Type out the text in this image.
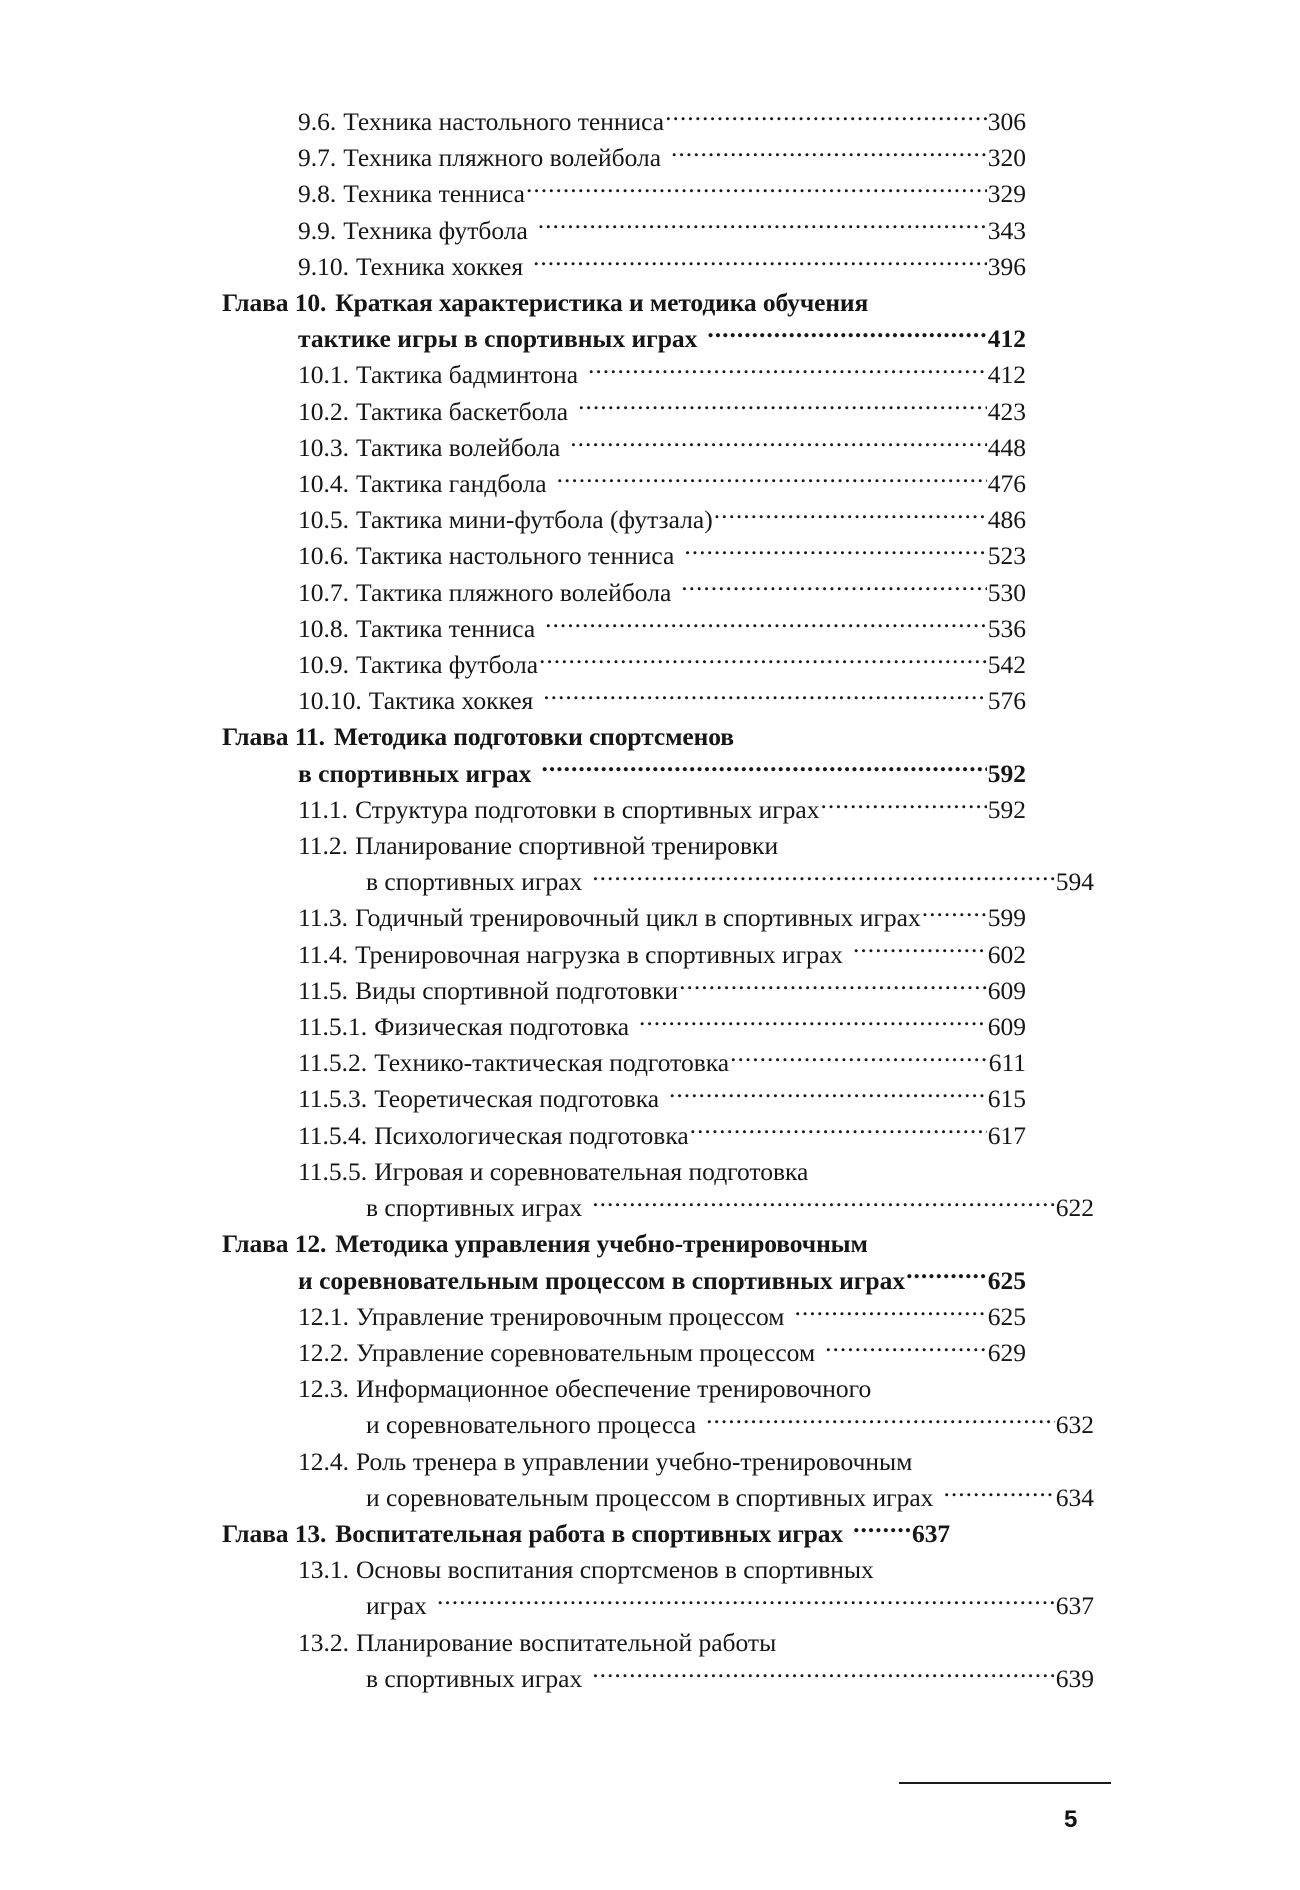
9.6. Техника настольного тенниса .....	306
9.7. Техника пляжного волейбола .....	320
9.8. Техника тенниса .....	329
9.9. Техника футбола .....	343
9.10. Техника хоккея .....	396
Глава 10. Краткая характеристика и методика обучения
тактике игры в спортивных играх .....	412
10.1. Тактика бадминтона .....	412
10.2. Тактика баскетбола .....	423
10.3. Тактика волейбола .....	448
10.4. Тактика гандбола .....	476
10.5. Тактика мини-футбола (футзала) .....	486
10.6. Тактика настольного тенниса .....	523
10.7. Тактика пляжного волейбола .....	530
10.8. Тактика тенниса .....	536
10.9. Тактика футбола .....	542
10.10. Тактика хоккея .....	576
Глава 11. Методика подготовки спортсменов
в спортивных играх .....	592
11.1. Структура подготовки в спортивных играх .....	592
11.2. Планирование спортивной тренировки
в спортивных играх .....	594
11.3. Годичный тренировочный цикл в спортивных играх .....	599
11.4. Тренировочная нагрузка в спортивных играх .....	602
11.5. Виды спортивной подготовки .....	609
11.5.1. Физическая подготовка .....	609
11.5.2. Технико-тактическая подготовка .....	611
11.5.3. Теоретическая подготовка .....	615
11.5.4. Психологическая подготовка .....	617
11.5.5. Игровая и соревновательная подготовка
в спортивных играх .....	622
Глава 12. Методика управления учебно-тренировочным
и соревновательным процессом в спортивных играх .....	625
12.1. Управление тренировочным процессом .....	625
12.2. Управление соревновательным процессом .....	629
12.3. Информационное обеспечение тренировочного
и соревновательного процесса .....	632
12.4. Роль тренера в управлении учебно-тренировочным
и соревновательным процессом в спортивных играх .....	634
Глава 13. Воспитательная работа в спортивных играх .....	637
13.1. Основы воспитания спортсменов в спортивных
играх .....	637
13.2. Планирование воспитательной работы
в спортивных играх .....	639
5
